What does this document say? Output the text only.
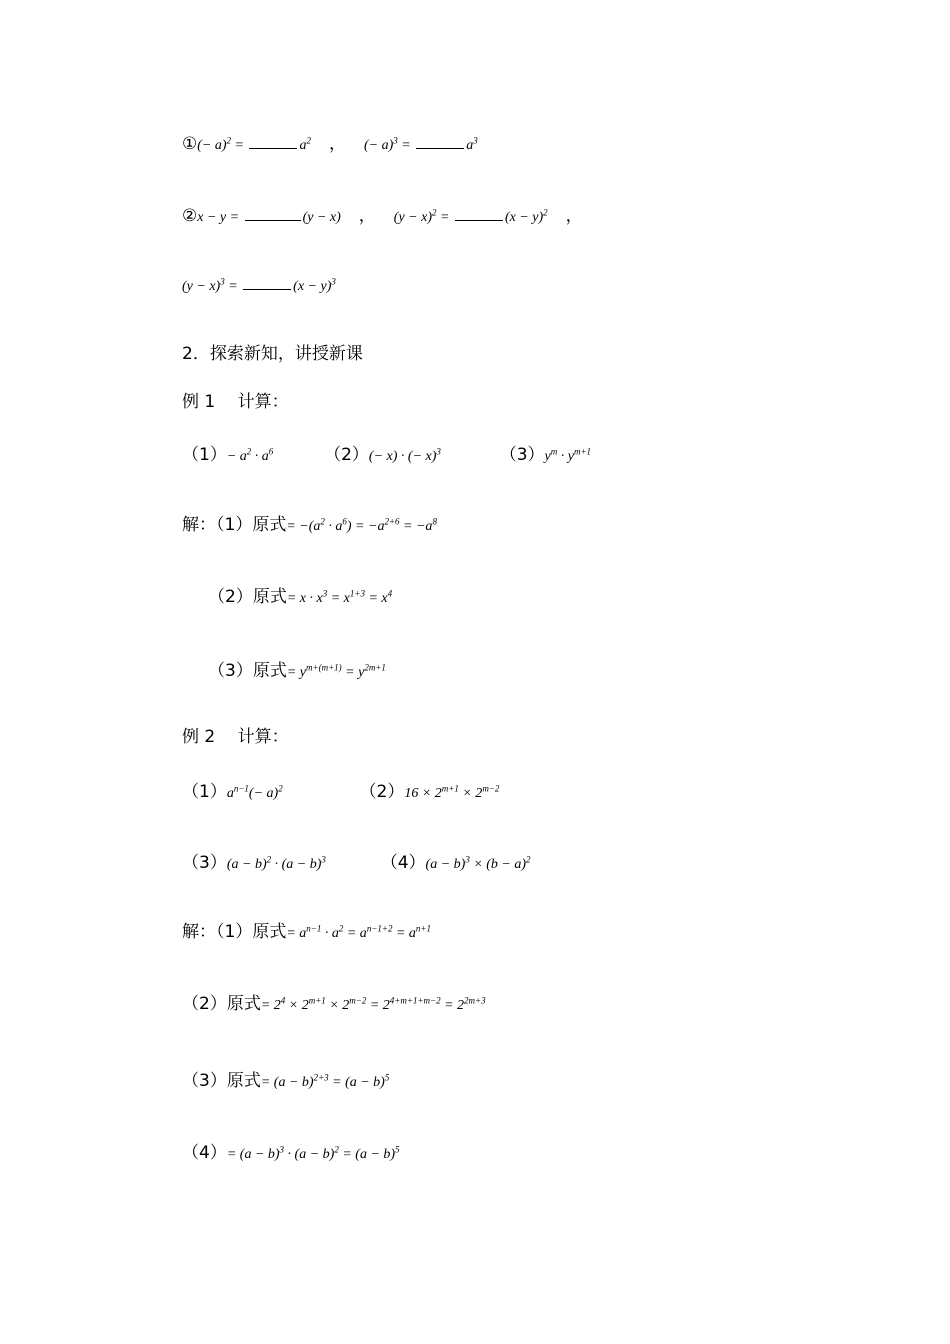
①(− a)$^2$ =	$a^2$ ， (− a)$^3$ =	$a^3$
②x − y =	(y − x) ， $(y - x)^2$ =	$(x - y)^2$ ，
$(y - x)^3$ =	$(x - y)^3$
2．探索新知，讲授新课
例 1　 计算：
$(1)- a^2 \cdot a^6$	（2）(− x) · (− x)$^3$	$(3)y^m \cdot y^{m+1}$
解：（1）原式= $-(a^2 \cdot a^6) = -a^{2+6} = -a^8$
（2）原式= $x \cdot x^3 = x^{1+3} = x^4$
（3）原式= $y^{m+(m+1)} = y^{2m+1}$
例 2　 计算：
$(1)a^{n-1}(- a)^2$	$(2)16 \times 2^{m+1} \times 2^{m-2}$
$(3)(a - b)^2 \cdot (a - b)^3$	$(4)(a - b)^3 \times (b - a)^2$
解：（1）原式= $a^{n-1} \cdot a^2 = a^{n-1+2} = a^{n+1}$
（2）原式= $2^4 \times 2^{m+1} \times 2^{m-2} = 2^{4+m+1+m-2} = 2^{2m+3}$
（3）原式= $(a - b)^{2+3} = (a - b)^5$
$(4)= (a - b)^3 \cdot (a - b)^2 = (a - b)^5$
